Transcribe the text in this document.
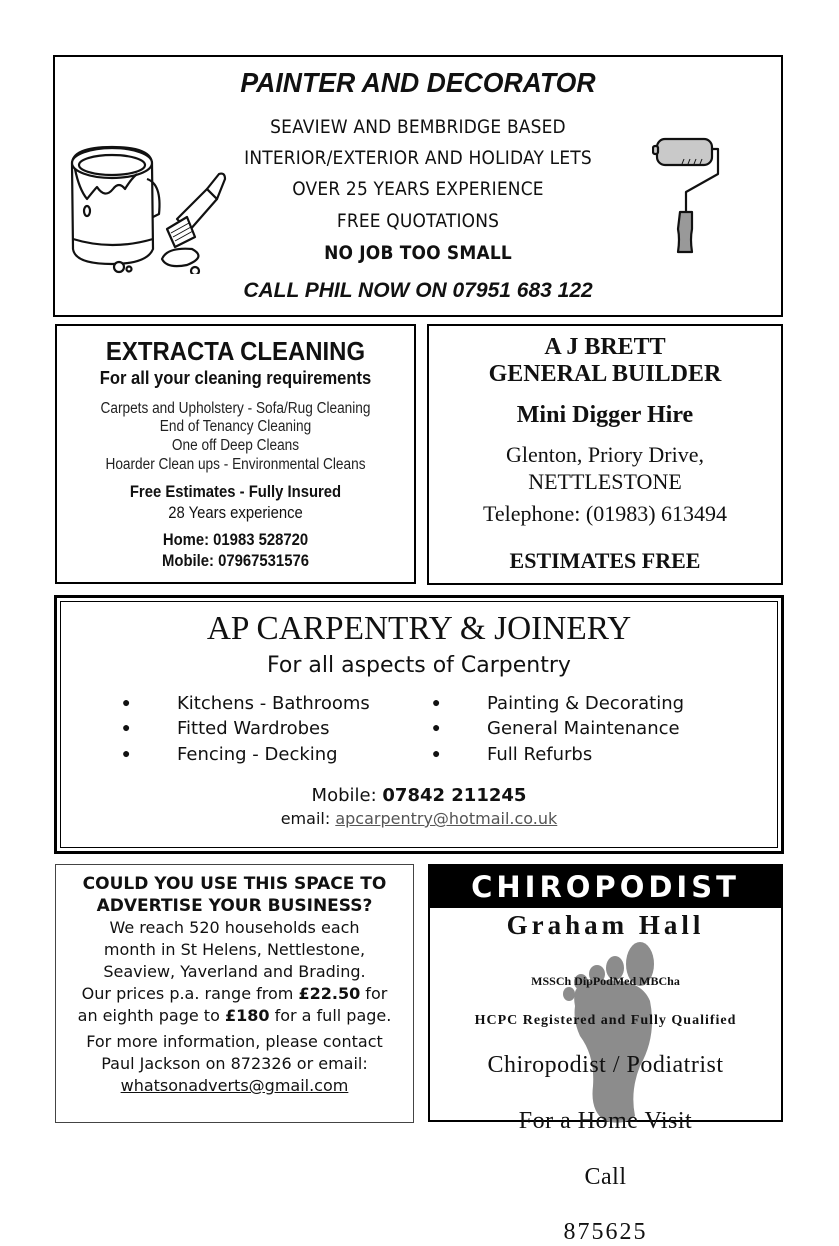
PAINTER AND DECORATOR
SEAVIEW AND BEMBRIDGE BASED
INTERIOR/EXTERIOR AND HOLIDAY LETS
OVER 25 YEARS EXPERIENCE
FREE QUOTATIONS
NO JOB TOO SMALL
CALL PHIL NOW ON 07951 683 122
EXTRACTA CLEANING
For all your cleaning requirements
Carpets and Upholstery - Sofa/Rug Cleaning
End of Tenancy Cleaning
One off Deep Cleans
Hoarder Clean ups - Environmental Cleans
Free Estimates - Fully Insured
28 Years experience
Home: 01983 528720
Mobile: 07967531576
A J BRETT
GENERAL BUILDER
Mini Digger Hire
Glenton, Priory Drive,
NETTLESTONE
Telephone: (01983) 613494
ESTIMATES FREE
AP CARPENTRY & JOINERY
For all aspects of Carpentry
●	Kitchens - Bathrooms
●	Fitted Wardrobes
●	Fencing - Decking
●	Painting & Decorating
●	General Maintenance
●	Full Refurbs
Mobile: 07842 211245
email: apcarpentry@hotmail.co.uk
COULD YOU USE THIS SPACE TO
ADVERTISE YOUR BUSINESS?
We reach 520 households each
month in St Helens, Nettlestone,
Seaview, Yaverland and Brading.
Our prices p.a. range from £22.50 for
an eighth page to £180 for a full page.
For more information, please contact
Paul Jackson on 872326 or email:
whatsonadverts@gmail.com
CHIROPODIST
Graham Hall
MSSCh DipPodMed MBCha
HCPC Registered and Fully Qualified
Chiropodist / Podiatrist
For a Home Visit
Call
875625
